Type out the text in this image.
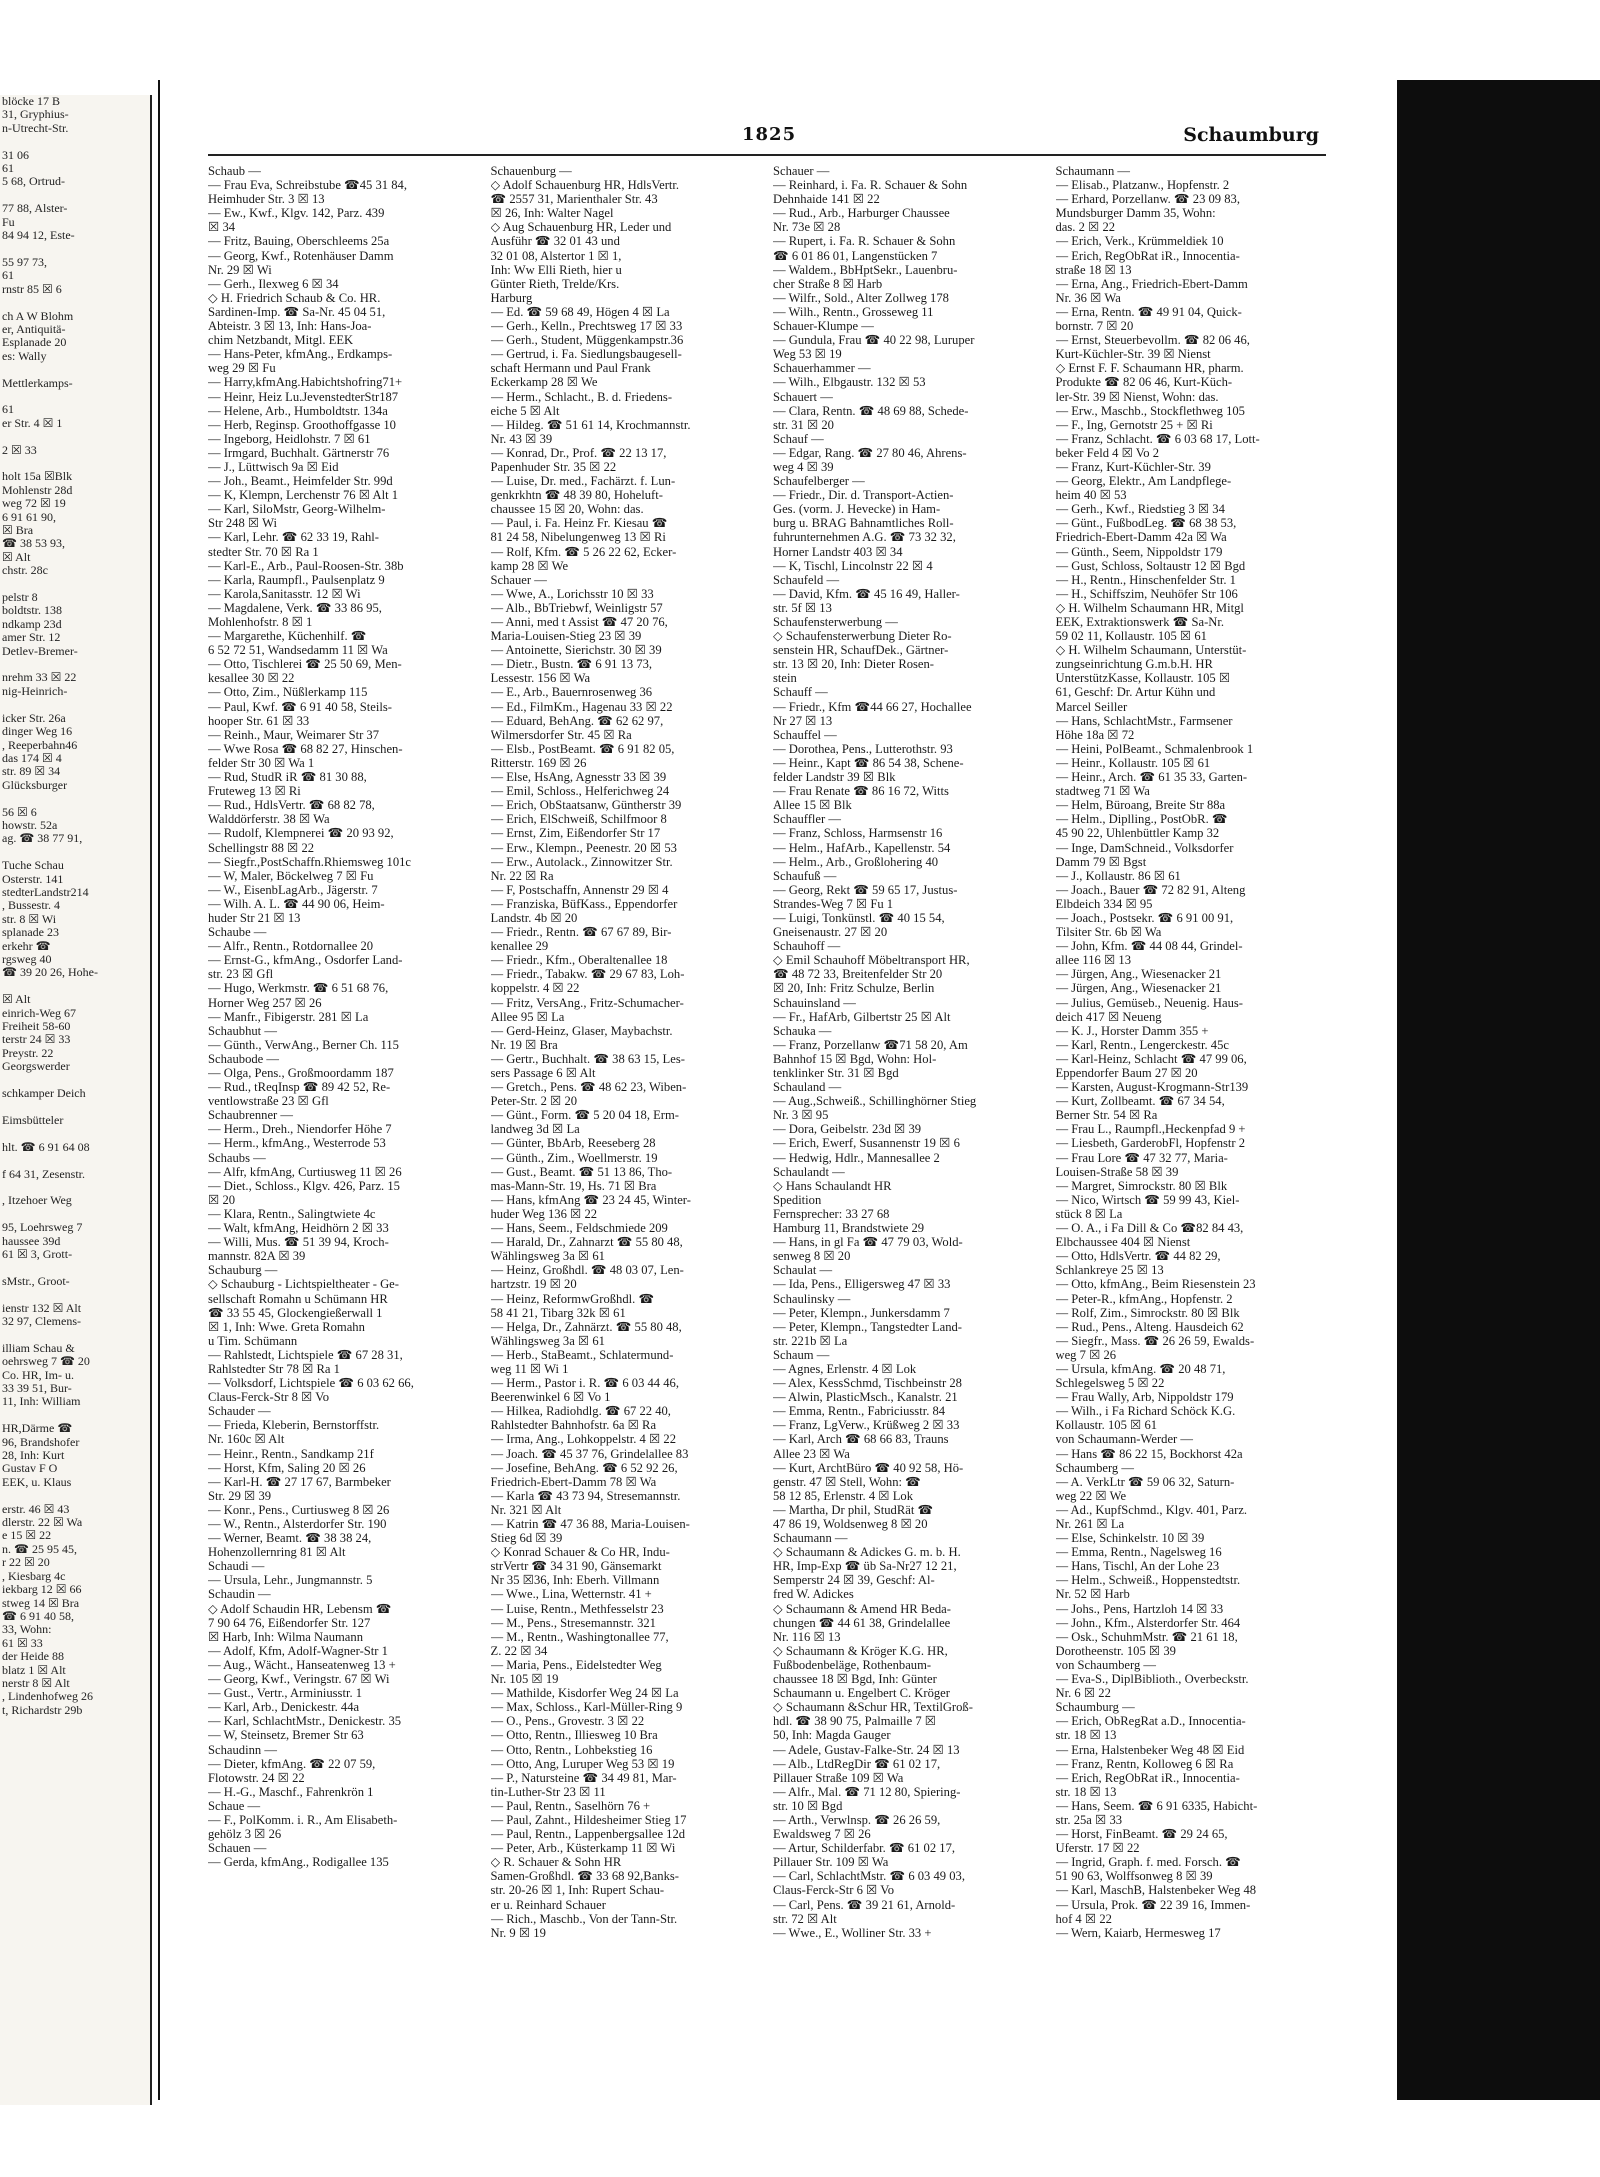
blöcke 17 B
31, Gryphius-
n-Utrecht-Str.

31 06
61
5 68, Ortrud-

77 88, Alster-
Fu
84 94 12, Este-

55 97 73,
61
rnstr 85 ☒ 6

ch A W Blohm
er, Antiquitä-
Esplanade 20
es: Wally

Mettlerkamps-

61
er Str. 4 ☒ 1

2 ☒ 33

holt 15a ☒Blk
Mohlenstr 28d
weg 72 ☒ 19
6 91 61 90,
☒ Bra
☎ 38 53 93,
☒ Alt
chstr. 28c

pelstr 8
boldtstr. 138
ndkamp 23d
amer Str. 12
Detlev-Bremer-

nrehm 33 ☒ 22
nig-Heinrich-

icker Str. 26a
dinger Weg 16
, Reeperbahn46
das 174 ☒ 4
str. 89 ☒ 34
Glücksburger

56 ☒ 6
howstr. 52a
ag. ☎ 38 77 91,

Tuche Schau
Osterstr. 141
stedterLandstr214
, Bussestr. 4
str. 8 ☒ Wi
splanade 23
erkehr ☎
rgsweg 40
☎ 39 20 26, Hohe-

☒ Alt
einrich-Weg 67
Freiheit 58-60
terstr 24 ☒ 33
Preystr. 22
Georgswerder

schkamper Deich

Eimsbütteler

hlt. ☎ 6 91 64 08

f 64 31, Zesenstr.

, Itzehoer Weg

95, Loehrsweg 7
haussee 39d
61 ☒ 3, Grott-

sMstr., Groot-

ienstr 132 ☒ Alt
32 97, Clemens-

illiam Schau &
oehrsweg 7 ☎ 20
Co. HR, Im- u.
33 39 51, Bur-
11, Inh: William

HR,Därme ☎
96, Brandshofer
28, Inh: Kurt
Gustav F O
EEK, u. Klaus

erstr. 46 ☒ 43
dlerstr. 22 ☒ Wa
e 15 ☒ 22
n. ☎ 25 95 45,
r 22 ☒ 20
, Kiesbarg 4c
iekbarg 12 ☒ 66
stweg 14 ☒ Bra
☎ 6 91 40 58,
33, Wohn:
61 ☒ 33
der Heide 88
blatz 1 ☒ Alt
nerstr 8 ☒ Alt
, Lindenhofweg 26
t, Richardstr 29b
1825	Schaumburg
Schaub —
— Frau Eva, Schreibstube ☎45 31 84,
Heimhuder Str. 3 ☒ 13
— Ew., Kwf., Klgv. 142, Parz. 439
☒ 34
— Fritz, Bauing, Oberschleems 25a
— Georg, Kwf., Rotenhäuser Damm
Nr. 29 ☒ Wi
— Gerh., Ilexweg 6 ☒ 34
◇ H. Friedrich Schaub & Co. HR.
Sardinen-Imp. ☎ Sa-Nr. 45 04 51,
Abteistr. 3 ☒ 13, Inh: Hans-Joa-
chim Netzbandt, Mitgl. EEK
— Hans-Peter, kfmAng., Erdkamps-
weg 29 ☒ Fu
— Harry,kfmAng.Habichtshofring71+
— Heinr, Heiz Lu.JevenstedterStr187
— Helene, Arb., Humboldtstr. 134a
— Herb, Reginsp. Groothoffgasse 10
— Ingeborg, Heidlohstr. 7 ☒ 61
— Irmgard, Buchhalt. Gärtnerstr 76
— J., Lüttwisch 9a ☒ Eid
— Joh., Beamt., Heimfelder Str. 99d
— K, Klempn, Lerchenstr 76 ☒ Alt 1
— Karl, SiloMstr, Georg-Wilhelm-
Str 248 ☒ Wi
— Karl, Lehr. ☎ 62 33 19, Rahl-
stedter Str. 70 ☒ Ra 1
— Karl-E., Arb., Paul-Roosen-Str. 38b
— Karla, Raumpfl., Paulsenplatz 9
— Karola,Sanitasstr. 12 ☒ Wi
— Magdalene, Verk. ☎ 33 86 95,
Mohlenhofstr. 8 ☒ 1
— Margarethe, Küchenhilf. ☎
6 52 72 51, Wandsedamm 11 ☒ Wa
— Otto, Tischlerei ☎ 25 50 69, Men-
kesallee 30 ☒ 22
— Otto, Zim., Nüßlerkamp 115
— Paul, Kwf. ☎ 6 91 40 58, Steils-
hooper Str. 61 ☒ 33
— Reinh., Maur, Weimarer Str 37
— Wwe Rosa ☎ 68 82 27, Hinschen-
felder Str 30 ☒ Wa 1
— Rud, StudR iR ☎ 81 30 88,
Fruteweg 13 ☒ Ri
— Rud., HdlsVertr. ☎ 68 82 78,
Walddörferstr. 38 ☒ Wa
— Rudolf, Klempnerei ☎ 20 93 92,
Schellingstr 88 ☒ 22
— Siegfr.,PostSchaffn.Rhiemsweg 101c
— W, Maler, Böckelweg 7 ☒ Fu
— W., EisenbLagArb., Jägerstr. 7
— Wilh. A. L. ☎ 44 90 06, Heim-
huder Str 21 ☒ 13
Schaube —
— Alfr., Rentn., Rotdornallee 20
— Ernst-G., kfmAng., Osdorfer Land-
str. 23 ☒ Gfl
— Hugo, Werkmstr. ☎ 6 51 68 76,
Horner Weg 257 ☒ 26
— Manfr., Fibigerstr. 281 ☒ La
Schaubhut —
— Günth., VerwAng., Berner Ch. 115
Schaubode —
— Olga, Pens., Großmoordamm 187
— Rud., tReqInsp ☎ 89 42 52, Re-
ventlowstraße 23 ☒ Gfl
Schaubrenner —
— Herm., Dreh., Niendorfer Höhe 7
— Herm., kfmAng., Westerrode 53
Schaubs —
— Alfr, kfmAng, Curtiusweg 11 ☒ 26
— Diet., Schloss., Klgv. 426, Parz. 15
☒ 20
— Klara, Rentn., Salingtwiete 4c
— Walt, kfmAng, Heidhörn 2 ☒ 33
— Willi, Mus. ☎ 51 39 94, Kroch-
mannstr. 82A ☒ 39
Schauburg —
◇ Schauburg - Lichtspieltheater - Ge-
sellschaft Romahn u Schümann HR
☎ 33 55 45, Glockengießerwall 1
☒ 1, Inh: Wwe. Greta Romahn
u Tim. Schümann
— Rahlstedt, Lichtspiele ☎ 67 28 31,
Rahlstedter Str 78 ☒ Ra 1
— Volksdorf, Lichtspiele ☎ 6 03 62 66,
Claus-Ferck-Str 8 ☒ Vo
Schauder —
— Frieda, Kleberin, Bernstorffstr.
Nr. 160c ☒ Alt
— Heinr., Rentn., Sandkamp 21f
— Horst, Kfm, Saling 20 ☒ 26
— Karl-H. ☎ 27 17 67, Barmbeker
Str. 29 ☒ 39
— Konr., Pens., Curtiusweg 8 ☒ 26
— W., Rentn., Alsterdorfer Str. 190
— Werner, Beamt. ☎ 38 38 24,
Hohenzollernring 81 ☒ Alt
Schaudi —
— Ursula, Lehr., Jungmannstr. 5
Schaudin —
◇ Adolf Schaudin HR, Lebensm ☎
7 90 64 76, Eißendorfer Str. 127
☒ Harb, Inh: Wilma Naumann
— Adolf, Kfm, Adolf-Wagner-Str 1
— Aug., Wächt., Hanseatenweg 13 +
— Georg, Kwf., Veringstr. 67 ☒ Wi
— Gust., Vertr., Arminiusstr. 1
— Karl, Arb., Denickestr. 44a
— Karl, SchlachtMstr., Denickestr. 35
— W, Steinsetz, Bremer Str 63
Schaudinn —
— Dieter, kfmAng. ☎ 22 07 59,
Flotowstr. 24 ☒ 22
— H.-G., Maschf., Fahrenkrön 1
Schaue —
— F., PolKomm. i. R., Am Elisabeth-
gehölz 3 ☒ 26
Schauen —
— Gerda, kfmAng., Rodigallee 135
Schauenburg —
◇ Adolf Schauenburg HR, HdlsVertr.
☎ 2557 31, Marienthaler Str. 43
☒ 26, Inh: Walter Nagel
◇ Aug Schauenburg HR, Leder und
Ausführ ☎ 32 01 43 und
32 01 08, Alstertor 1 ☒ 1,
Inh: Ww Elli Rieth, hier u
Günter Rieth, Trelde/Krs.
Harburg
— Ed. ☎ 59 68 49, Högen 4 ☒ La
— Gerh., Kelln., Prechtsweg 17 ☒ 33
— Gerh., Student, Müggenkampstr.36
— Gertrud, i. Fa. Siedlungsbaugesell-
schaft Hermann und Paul Frank
Eckerkamp 28 ☒ We
— Herm., Schlacht., B. d. Friedens-
eiche 5 ☒ Alt
— Hildeg. ☎ 51 61 14, Krochmannstr.
Nr. 43 ☒ 39
— Konrad, Dr., Prof. ☎ 22 13 17,
Papenhuder Str. 35 ☒ 22
— Luise, Dr. med., Fachärzt. f. Lun-
genkrkhtn ☎ 48 39 80, Hoheluft-
chaussee 15 ☒ 20, Wohn: das.
— Paul, i. Fa. Heinz Fr. Kiesau ☎
81 24 58, Nibelungenweg 13 ☒ Ri
— Rolf, Kfm. ☎ 5 26 22 62, Ecker-
kamp 28 ☒ We
Schauer —
— Wwe, A., Lorichsstr 10 ☒ 33
— Alb., BbTriebwf, Weinligstr 57
— Anni, med t Assist ☎ 47 20 76,
Maria-Louisen-Stieg 23 ☒ 39
— Antoinette, Sierichstr. 30 ☒ 39
— Dietr., Bustn. ☎ 6 91 13 73,
Lessestr. 156 ☒ Wa
— E., Arb., Bauernrosenweg 36
— Ed., FilmKm., Hagenau 33 ☒ 22
— Eduard, BehAng. ☎ 62 62 97,
Wilmersdorfer Str. 45 ☒ Ra
— Elsb., PostBeamt. ☎ 6 91 82 05,
Ritterstr. 169 ☒ 26
— Else, HsAng, Agnesstr 33 ☒ 39
— Emil, Schloss., Helferichweg 24
— Erich, ObStaatsanw, Güntherstr 39
— Erich, ElSchweiß, Schilfmoor 8
— Ernst, Zim, Eißendorfer Str 17
— Erw., Klempn., Peenestr. 20 ☒ 53
— Erw., Autolack., Zinnowitzer Str.
Nr. 22 ☒ Ra
— F, Postschaffn, Annenstr 29 ☒ 4
— Franziska, BüfKass., Eppendorfer
Landstr. 4b ☒ 20
— Friedr., Rentn. ☎ 67 67 89, Bir-
kenallee 29
— Friedr., Kfm., Oberaltenallee 18
— Friedr., Tabakw. ☎ 29 67 83, Loh-
koppelstr. 4 ☒ 22
— Fritz, VersAng., Fritz-Schumacher-
Allee 95 ☒ La
— Gerd-Heinz, Glaser, Maybachstr.
Nr. 19 ☒ Bra
— Gertr., Buchhalt. ☎ 38 63 15, Les-
sers Passage 6 ☒ Alt
— Gretch., Pens. ☎ 48 62 23, Wiben-
Peter-Str. 2 ☒ 20
— Günt., Form. ☎ 5 20 04 18, Erm-
landweg 3d ☒ La
— Günter, BbArb, Reeseberg 28
— Günth., Zim., Woellmerstr. 19
— Gust., Beamt. ☎ 51 13 86, Tho-
mas-Mann-Str. 19, Hs. 71 ☒ Bra
— Hans, kfmAng ☎ 23 24 45, Winter-
huder Weg 136 ☒ 22
— Hans, Seem., Feldschmiede 209
— Harald, Dr., Zahnarzt ☎ 55 80 48,
Wählingsweg 3a ☒ 61
— Heinz, Großhdl. ☎ 48 03 07, Len-
hartzstr. 19 ☒ 20
— Heinz, ReformwGroßhdl. ☎
58 41 21, Tibarg 32k ☒ 61
— Helga, Dr., Zahnärzt. ☎ 55 80 48,
Wählingsweg 3a ☒ 61
— Herb., StaBeamt., Schlatermund-
weg 11 ☒ Wi 1
— Herm., Pastor i. R. ☎ 6 03 44 46,
Beerenwinkel 6 ☒ Vo 1
— Hilkea, Radiohdlg. ☎ 67 22 40,
Rahlstedter Bahnhofstr. 6a ☒ Ra
— Irma, Ang., Lohkoppelstr. 4 ☒ 22
— Joach. ☎ 45 37 76, Grindelallee 83
— Josefine, BehAng. ☎ 6 52 92 26,
Friedrich-Ebert-Damm 78 ☒ Wa
— Karla ☎ 43 73 94, Stresemannstr.
Nr. 321 ☒ Alt
— Katrin ☎ 47 36 88, Maria-Louisen-
Stieg 6d ☒ 39
◇ Konrad Schauer & Co HR, Indu-
strVertr ☎ 34 31 90, Gänsemarkt
Nr 35 ☒36, Inh: Eberh. Villmann
— Wwe., Lina, Wetternstr. 41 +
— Luise, Rentn., Methfesselstr 23
— M., Pens., Stresemannstr. 321
— M., Rentn., Washingtonallee 77,
Z. 22 ☒ 34
— Maria, Pens., Eidelstedter Weg
Nr. 105 ☒ 19
— Mathilde, Kisdorfer Weg 24 ☒ La
— Max, Schloss., Karl-Müller-Ring 9
— O., Pens., Grovestr. 3 ☒ 22
— Otto, Rentn., Illiesweg 10 Bra
— Otto, Rentn., Lohbekstieg 16
— Otto, Ang, Luruper Weg 53 ☒ 19
— P., Natursteine ☎ 34 49 81, Mar-
tin-Luther-Str 23 ☒ 11
— Paul, Rentn., Saselhörn 76 +
— Paul, Zahnt., Hildesheimer Stieg 17
— Paul, Rentn., Lappenbergsallee 12d
— Peter, Arb., Küsterkamp 11 ☒ Wi
◇ R. Schauer & Sohn HR
Samen-Großhdl. ☎ 33 68 92,Banks-
str. 20-26 ☒ 1, Inh: Rupert Schau-
er u. Reinhard Schauer
— Rich., Maschb., Von der Tann-Str.
Nr. 9 ☒ 19
Schauer —
— Reinhard, i. Fa. R. Schauer & Sohn
Dehnhaide 141 ☒ 22
— Rud., Arb., Harburger Chaussee
Nr. 73e ☒ 28
— Rupert, i. Fa. R. Schauer & Sohn
☎ 6 01 86 01, Langenstücken 7
— Waldem., BbHptSekr., Lauenbru-
cher Straße 8 ☒ Harb
— Wilfr., Sold., Alter Zollweg 178
— Wilh., Rentn., Grosseweg 11
Schauer-Klumpe —
— Gundula, Frau ☎ 40 22 98, Luruper
Weg 53 ☒ 19
Schauerhammer —
— Wilh., Elbgaustr. 132 ☒ 53
Schauert —
— Clara, Rentn. ☎ 48 69 88, Schede-
str. 31 ☒ 20
Schauf —
— Edgar, Rang. ☎ 27 80 46, Ahrens-
weg 4 ☒ 39
Schaufelberger —
— Friedr., Dir. d. Transport-Actien-
Ges. (vorm. J. Hevecke) in Ham-
burg u. BRAG Bahnamtliches Roll-
fuhrunternehmen A.G. ☎ 73 32 32,
Horner Landstr 403 ☒ 34
— K, Tischl, Lincolnstr 22 ☒ 4
Schaufeld —
— David, Kfm. ☎ 45 16 49, Haller-
str. 5f ☒ 13
Schaufensterwerbung —
◇ Schaufensterwerbung Dieter Ro-
senstein HR, SchaufDek., Gärtner-
str. 13 ☒ 20, Inh: Dieter Rosen-
stein
Schauff —
— Friedr., Kfm ☎44 66 27, Hochallee
Nr 27 ☒ 13
Schauffel —
— Dorothea, Pens., Lutterothstr. 93
— Heinr., Kapt ☎ 86 54 38, Schene-
felder Landstr 39 ☒ Blk
— Frau Renate ☎ 86 16 72, Witts
Allee 15 ☒ Blk
Schauffler —
— Franz, Schloss, Harmsenstr 16
— Helm., HafArb., Kapellenstr. 54
— Helm., Arb., Großlohering 40
Schaufuß —
— Georg, Rekt ☎ 59 65 17, Justus-
Strandes-Weg 7 ☒ Fu 1
— Luigi, Tonkünstl. ☎ 40 15 54,
Gneisenaustr. 27 ☒ 20
Schauhoff —
◇ Emil Schauhoff Möbeltransport HR,
☎ 48 72 33, Breitenfelder Str 20
☒ 20, Inh: Fritz Schulze, Berlin
Schauinsland —
— Fr., HafArb, Gilbertstr 25 ☒ Alt
Schauka —
— Franz, Porzellanw ☎71 58 20, Am
Bahnhof 15 ☒ Bgd, Wohn: Hol-
tenklinker Str. 31 ☒ Bgd
Schauland —
— Aug.,Schweiß., Schillinghörner Stieg
Nr. 3 ☒ 95
— Dora, Geibelstr. 23d ☒ 39
— Erich, Ewerf, Susannenstr 19 ☒ 6
— Hedwig, Hdlr., Mannesallee 2
Schaulandt —
◇ Hans Schaulandt HR
Spedition
Fernsprecher: 33 27 68
Hamburg 11, Brandstwiete 29
— Hans, in gl Fa ☎ 47 79 03, Wold-
senweg 8 ☒ 20
Schaulat —
— Ida, Pens., Elligersweg 47 ☒ 33
Schaulinsky —
— Peter, Klempn., Junkersdamm 7
— Peter, Klempn., Tangstedter Land-
str. 221b ☒ La
Schaum —
— Agnes, Erlenstr. 4 ☒ Lok
— Alex, KessSchmd, Tischbeinstr 28
— Alwin, PlasticMsch., Kanalstr. 21
— Emma, Rentn., Fabriciusstr. 84
— Franz, LgVerw., Krüßweg 2 ☒ 33
— Karl, Arch ☎ 68 66 83, Trauns
Allee 23 ☒ Wa
— Kurt, ArchtBüro ☎ 40 92 58, Hö-
genstr. 47 ☒ Stell, Wohn: ☎
58 12 85, Erlenstr. 4 ☒ Lok
— Martha, Dr phil, StudRät ☎
47 86 19, Woldsenweg 8 ☒ 20
Schaumann —
◇ Schaumann & Adickes G. m. b. H.
HR, Imp-Exp ☎ üb Sa-Nr27 12 21,
Semperstr 24 ☒ 39, Geschf: Al-
fred W. Adickes
◇ Schaumann & Amend HR Beda-
chungen ☎ 44 61 38, Grindelallee
Nr. 116 ☒ 13
◇ Schaumann & Kröger K.G. HR,
Fußbodenbeläge, Rothenbaum-
chaussee 18 ☒ Bgd, Inh: Günter
Schaumann u. Engelbert C. Kröger
◇ Schaumann &Schur HR, TextilGroß-
hdl. ☎ 38 90 75, Palmaille 7 ☒
50, Inh: Magda Gauger
— Adele, Gustav-Falke-Str. 24 ☒ 13
— Alb., LtdRegDir ☎ 61 02 17,
Pillauer Straße 109 ☒ Wa
— Alfr., Mal. ☎ 71 12 80, Spiering-
str. 10 ☒ Bgd
— Arth., Verwlnsp. ☎ 26 26 59,
Ewaldsweg 7 ☒ 26
— Artur, Schilderfabr. ☎ 61 02 17,
Pillauer Str. 109 ☒ Wa
— Carl, SchlachtMstr. ☎ 6 03 49 03,
Claus-Ferck-Str 6 ☒ Vo
— Carl, Pens. ☎ 39 21 61, Arnold-
str. 72 ☒ Alt
— Wwe., E., Wolliner Str. 33 +
Schaumann —
— Elisab., Platzanw., Hopfenstr. 2
— Erhard, Porzellanw. ☎ 23 09 83,
Mundsburger Damm 35, Wohn:
das. 2 ☒ 22
— Erich, Verk., Krümmeldiek 10
— Erich, RegObRat iR., Innocentia-
straße 18 ☒ 13
— Erna, Ang., Friedrich-Ebert-Damm
Nr. 36 ☒ Wa
— Erna, Rentn. ☎ 49 91 04, Quick-
bornstr. 7 ☒ 20
— Ernst, Steuerbevollm. ☎ 82 06 46,
Kurt-Küchler-Str. 39 ☒ Nienst
◇ Ernst F. F. Schaumann HR, pharm.
Produkte ☎ 82 06 46, Kurt-Küch-
ler-Str. 39 ☒ Nienst, Wohn: das.
— Erw., Maschb., Stockflethweg 105
— F., Ing, Gernotstr 25 + ☒ Ri
— Franz, Schlacht. ☎ 6 03 68 17, Lott-
beker Feld 4 ☒ Vo 2
— Franz, Kurt-Küchler-Str. 39
— Georg, Elektr., Am Landpflege-
heim 40 ☒ 53
— Gerh., Kwf., Riedstieg 3 ☒ 34
— Günt., FußbodLeg. ☎ 68 38 53,
Friedrich-Ebert-Damm 42a ☒ Wa
— Günth., Seem, Nippoldstr 179
— Gust, Schloss, Soltaustr 12 ☒ Bgd
— H., Rentn., Hinschenfelder Str. 1
— H., Schiffszim, Neuhöfer Str 106
◇ H. Wilhelm Schaumann HR, Mitgl
EEK, Extraktionswerk ☎ Sa-Nr.
59 02 11, Kollaustr. 105 ☒ 61
◇ H. Wilhelm Schaumann, Unterstüt-
zungseinrichtung G.m.b.H. HR
UnterstützKasse, Kollaustr. 105 ☒
61, Geschf: Dr. Artur Kühn und
Marcel Seiller
— Hans, SchlachtMstr., Farmsener
Höhe 18a ☒ 72
— Heini, PolBeamt., Schmalenbrook 1
— Heinr., Kollaustr. 105 ☒ 61
— Heinr., Arch. ☎ 61 35 33, Garten-
stadtweg 71 ☒ Wa
— Helm, Büroang, Breite Str 88a
— Helm., Diplling., PostObR. ☎
45 90 22, Uhlenbüttler Kamp 32
— Inge, DamSchneid., Volksdorfer
Damm 79 ☒ Bgst
— J., Kollaustr. 86 ☒ 61
— Joach., Bauer ☎ 72 82 91, Alteng
Elbdeich 334 ☒ 95
— Joach., Postsekr. ☎ 6 91 00 91,
Tilsiter Str. 6b ☒ Wa
— John, Kfm. ☎ 44 08 44, Grindel-
allee 116 ☒ 13
— Jürgen, Ang., Wiesenacker 21
— Jürgen, Ang., Wiesenacker 21
— Julius, Gemüseb., Neuenig. Haus-
deich 417 ☒ Neueng
— K. J., Horster Damm 355 +
— Karl, Rentn., Lengerckestr. 45c
— Karl-Heinz, Schlacht ☎ 47 99 06,
Eppendorfer Baum 27 ☒ 20
— Karsten, August-Krogmann-Str139
— Kurt, Zollbeamt. ☎ 67 34 54,
Berner Str. 54 ☒ Ra
— Frau L., Raumpfl.,Heckenpfad 9 +
— Liesbeth, GarderobFl, Hopfenstr 2
— Frau Lore ☎ 47 32 77, Maria-
Louisen-Straße 58 ☒ 39
— Margret, Simrockstr. 80 ☒ Blk
— Nico, Wirtsch ☎ 59 99 43, Kiel-
stück 8 ☒ La
— O. A., i Fa Dill & Co ☎82 84 43,
Elbchaussee 404 ☒ Nienst
— Otto, HdlsVertr. ☎ 44 82 29,
Schlankreye 25 ☒ 13
— Otto, kfmAng., Beim Riesenstein 23
— Peter-R., kfmAng., Hopfenstr. 2
— Rolf, Zim., Simrockstr. 80 ☒ Blk
— Rud., Pens., Alteng. Hausdeich 62
— Siegfr., Mass. ☎ 26 26 59, Ewalds-
weg 7 ☒ 26
— Ursula, kfmAng. ☎ 20 48 71,
Schlegelsweg 5 ☒ 22
— Frau Wally, Arb, Nippoldstr 179
— Wilh., i Fa Richard Schöck K.G.
Kollaustr. 105 ☒ 61
von Schaumann-Werder —
— Hans ☎ 86 22 15, Bockhorst 42a
Schaumberg —
— A. VerkLtr ☎ 59 06 32, Saturn-
weg 22 ☒ We
— Ad., KupfSchmd., Klgv. 401, Parz.
Nr. 261 ☒ La
— Else, Schinkelstr. 10 ☒ 39
— Emma, Rentn., Nagelsweg 16
— Hans, Tischl, An der Lohe 23
— Helm., Schweiß., Hoppenstedtstr.
Nr. 52 ☒ Harb
— Johs., Pens, Hartzloh 14 ☒ 33
— John., Kfm., Alsterdorfer Str. 464
— Osk., SchuhmMstr. ☎ 21 61 18,
Dorotheenstr. 105 ☒ 39
von Schaumberg —
— Eva-S., DiplBiblioth., Overbeckstr.
Nr. 6 ☒ 22
Schaumburg —
— Erich, ObRegRat a.D., Innocentia-
str. 18 ☒ 13
— Erna, Halstenbeker Weg 48 ☒ Eid
— Franz, Rentn, Kolloweg 6 ☒ Ra
— Erich, RegObRat iR., Innocentia-
str. 18 ☒ 13
— Hans, Seem. ☎ 6 91 6335, Habicht-
str. 25a ☒ 33
— Horst, FinBeamt. ☎ 29 24 65,
Uferstr. 17 ☒ 22
— Ingrid, Graph. f. med. Forsch. ☎
51 90 63, Wolffsonweg 8 ☒ 39
— Karl, MaschB, Halstenbeker Weg 48
— Ursula, Prok. ☎ 22 39 16, Immen-
hof 4 ☒ 22
— Wern, Kaiarb, Hermesweg 17
